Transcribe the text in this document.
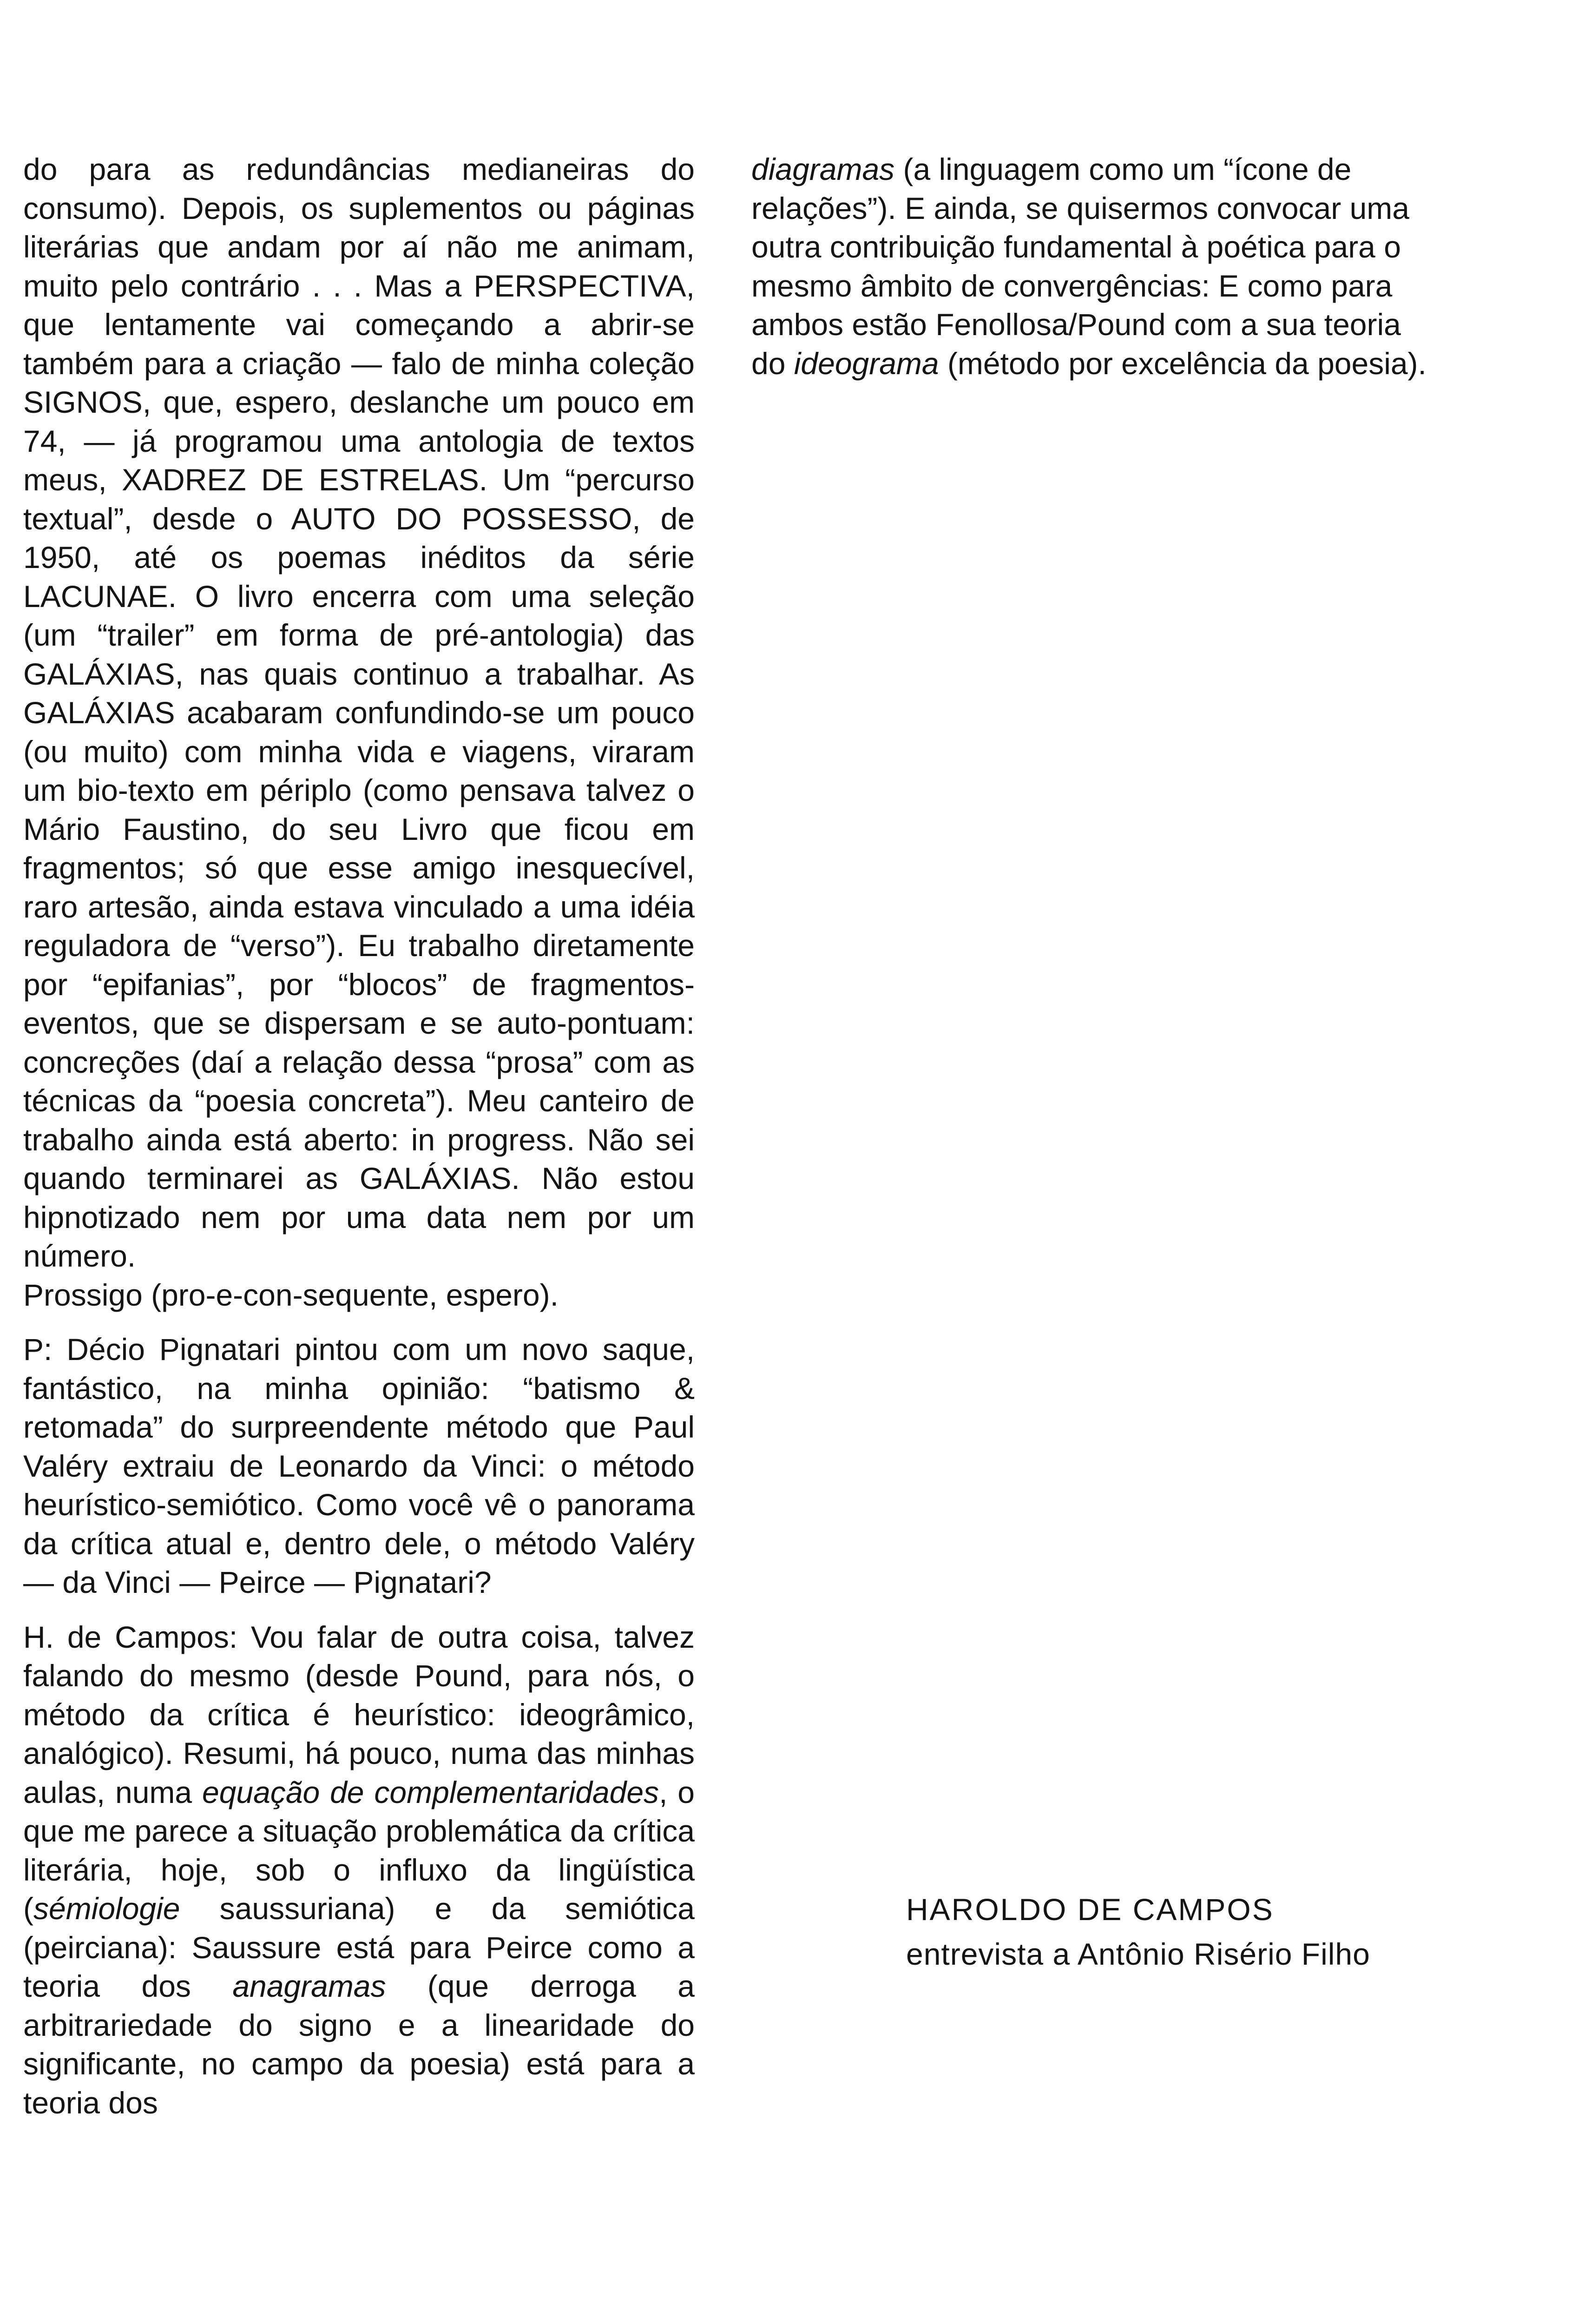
do para as redundâncias medianeiras do consumo). Depois, os suplementos ou páginas literárias que andam por aí não me animam, muito pelo contrário . . . Mas a PERSPECTIVA, que lentamente vai começando a abrir-se também para a criação — falo de minha coleção SIGNOS, que, espero, deslanche um pouco em 74, — já programou uma antologia de textos meus, XADREZ DE ESTRELAS. Um “percurso textual”, desde o AUTO DO POSSESSO, de 1950, até os poemas inéditos da série LACUNAE. O livro encerra com uma seleção (um “trailer” em forma de pré-antologia) das GALÁXIAS, nas quais continuo a trabalhar. As GALÁXIAS acabaram confundindo-se um pouco (ou muito) com minha vida e viagens, viraram um bio-texto em périplo (como pensava talvez o Mário Faustino, do seu Livro que ficou em fragmentos; só que esse amigo inesquecível, raro artesão, ainda estava vinculado a uma idéia reguladora de “verso”). Eu trabalho diretamente por “epifanias”, por “blocos” de fragmentos-eventos, que se dispersam e se auto-pontuam: concreções (daí a relação dessa “prosa” com as técnicas da “poesia concreta”). Meu canteiro de trabalho ainda está aberto: in progress. Não sei quando terminarei as GALÁXIAS. Não estou hipnotizado nem por uma data nem por um número.

Prossigo (pro-e-con-sequente, espero).

P: Décio Pignatari pintou com um novo saque, fantástico, na minha opinião: “batismo & retomada” do surpreendente método que Paul Valéry extraiu de Leonardo da Vinci: o método heurístico-semiótico. Como você vê o panorama da crítica atual e, dentro dele, o método Valéry — da Vinci — Peirce — Pignatari?

H. de Campos: Vou falar de outra coisa, talvez falando do mesmo (desde Pound, para nós, o método da crítica é heurístico: ideogrâmico, analógico). Resumi, há pouco, numa das minhas aulas, numa equação de complementaridades, o que me parece a situação problemática da crítica literária, hoje, sob o influxo da lingüística (sémiologie saussuriana) e da semiótica (peirciana): Saussure está para Peirce como a teoria dos anagramas (que derroga a arbitrariedade do signo e a linearidade do significante, no campo da poesia) está para a teoria dos

diagramas (a linguagem como um “ícone de relações”). E ainda, se quisermos convocar uma outra contribuição fundamental à poética para o mesmo âmbito de convergências: E como para ambos estão Fenollosa/Pound com a sua teoria do ideograma (método por excelência da poesia).

HAROLDO DE CAMPOS
entrevista a Antônio Risério Filho
